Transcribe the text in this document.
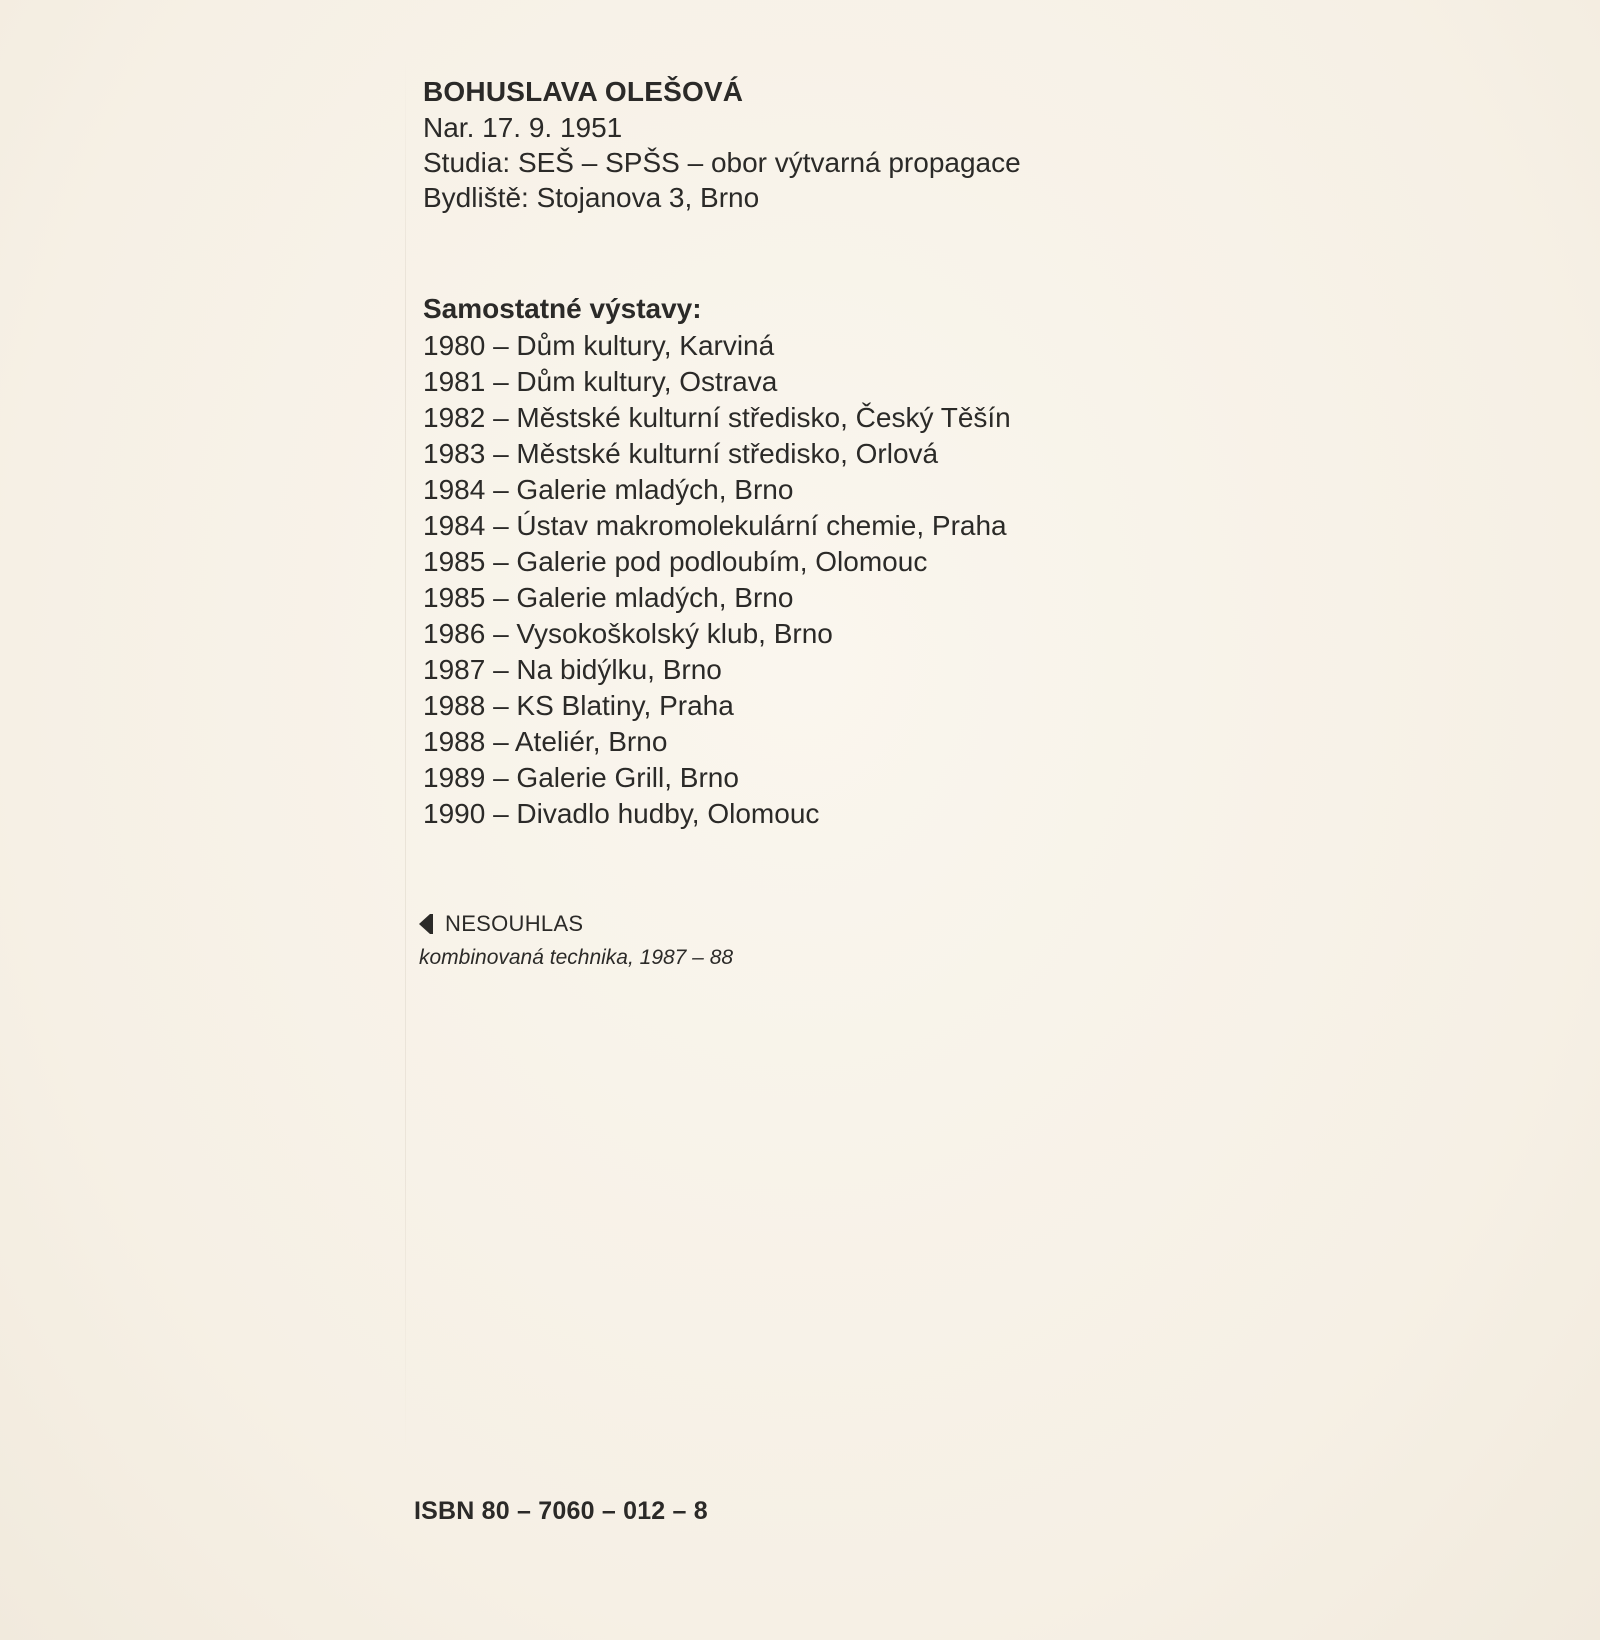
BOHUSLAVA OLEŠOVÁ
Nar. 17. 9. 1951
Studia: SEŠ – SPŠS – obor výtvarná propagace
Bydliště: Stojanova 3, Brno
Samostatné výstavy:
1980 – Dům kultury, Karviná
1981 – Dům kultury, Ostrava
1982 – Městské kulturní středisko, Český Těšín
1983 – Městské kulturní středisko, Orlová
1984 – Galerie mladých, Brno
1984 – Ústav makromolekulární chemie, Praha
1985 – Galerie pod podloubím, Olomouc
1985 – Galerie mladých, Brno
1986 – Vysokoškolský klub, Brno
1987 – Na bidýlku, Brno
1988 – KS Blatiny, Praha
1988 – Ateliér, Brno
1989 – Galerie Grill, Brno
1990 – Divadlo hudby, Olomouc
NESOUHLAS
kombinovaná technika, 1987 – 88
ISBN 80 – 7060 – 012 – 8
